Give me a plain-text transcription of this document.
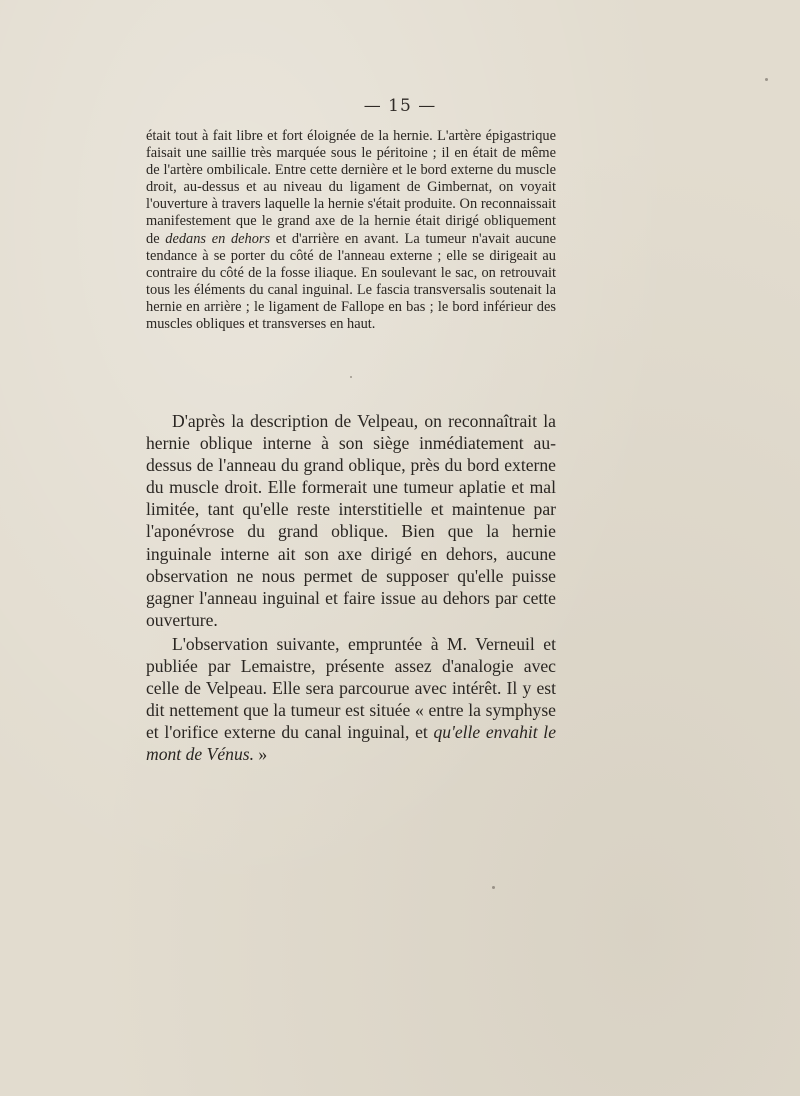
— 15 —

était tout à fait libre et fort éloignée de la hernie. L'artère épigastrique faisait une saillie très marquée sous le péritoine ; il en était de même de l'artère ombilicale. Entre cette dernière et le bord externe du muscle droit, au-dessus et au niveau du ligament de Gimbernat, on voyait l'ouverture à travers laquelle la hernie s'était produite. On reconnaissait manifestement que le grand axe de la hernie était dirigé obliquement de dedans en dehors et d'arrière en avant. La tumeur n'avait aucune tendance à se porter du côté de l'anneau externe ; elle se dirigeait au contraire du côté de la fosse iliaque. En soulevant le sac, on retrouvait tous les éléments du canal inguinal. Le fascia transversalis soutenait la hernie en arrière ; le ligament de Fallope en bas ; le bord inférieur des muscles obliques et transverses en haut.

D'après la description de Velpeau, on reconnaîtrait la hernie oblique interne à son siège inmédiatement au-dessus de l'anneau du grand oblique, près du bord externe du muscle droit. Elle formerait une tumeur aplatie et mal limitée, tant qu'elle reste interstitielle et maintenue par l'aponévrose du grand oblique. Bien que la hernie inguinale interne ait son axe dirigé en dehors, aucune observation ne nous permet de supposer qu'elle puisse gagner l'anneau inguinal et faire issue au dehors par cette ouverture.

L'observation suivante, empruntée à M. Verneuil et publiée par Lemaistre, présente assez d'analogie avec celle de Velpeau. Elle sera parcourue avec intérêt. Il y est dit nettement que la tumeur est située « entre la symphyse et l'orifice externe du canal inguinal, et qu'elle envahit le mont de Vénus. »
